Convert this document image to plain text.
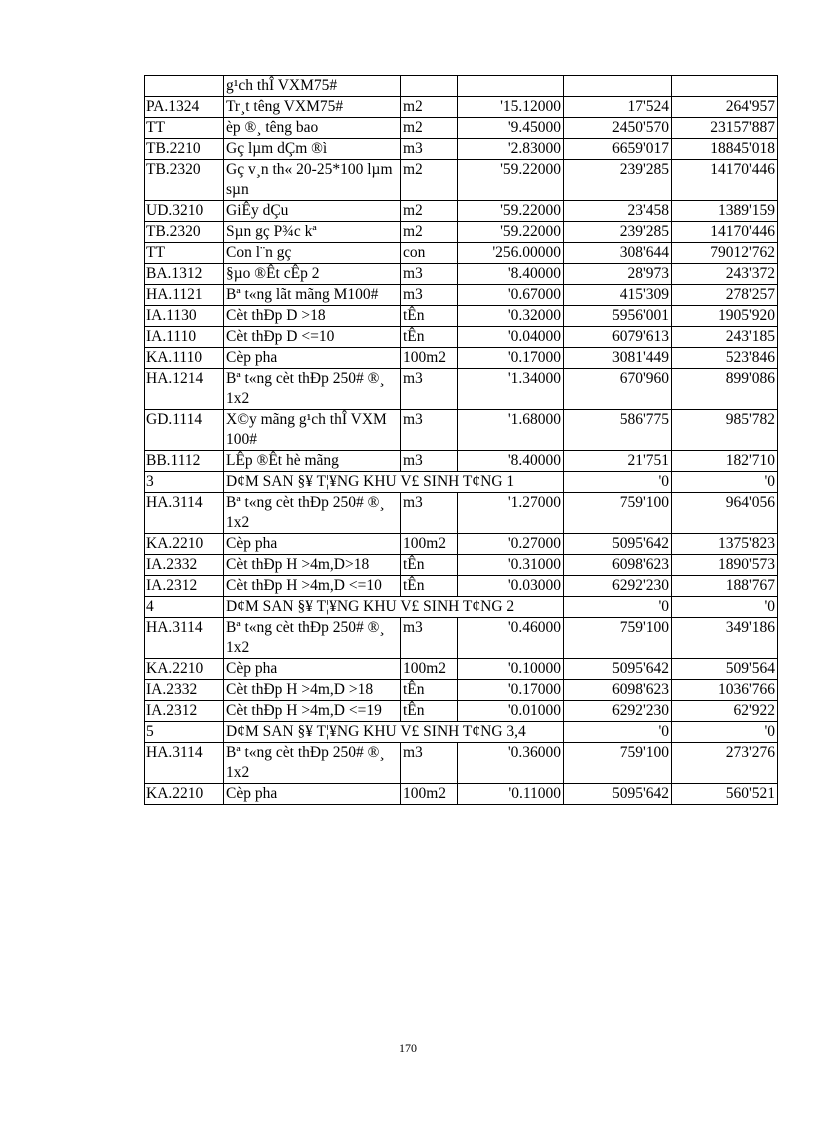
	g¹ch thÎ VXM75#				
PA.1324	Tr¸t têng VXM75#	m2	'15.12000	17'524	264'957
TT	èp ®¸ têng bao	m2	'9.45000	2450'570	23157'887
TB.2210	Gç lµm dÇm ®ì	m3	'2.83000	6659'017	18845'018
TB.2320	Gç v¸n th« 20-25*100 lµm sµn	m2	'59.22000	239'285	14170'446
UD.3210	GiÊy dÇu	m2	'59.22000	23'458	1389'159
TB.2320	Sµn gç P¾c kª	m2	'59.22000	239'285	14170'446
TT	Con l¨n gç	con	'256.00000	308'644	79012'762
BA.1312	§µo ®Êt cÊp 2	m3	'8.40000	28'973	243'372
HA.1121	Bª t«ng lãt mãng M100#	m3	'0.67000	415'309	278'257
IA.1130	Cèt thÐp D >18	tÊn	'0.32000	5956'001	1905'920
IA.1110	Cèt thÐp D <=10	tÊn	'0.04000	6079'613	243'185
KA.1110	Cèp pha	100m2	'0.17000	3081'449	523'846
HA.1214	Bª t«ng cèt thÐp 250# ®¸ 1x2	m3	'1.34000	670'960	899'086
GD.1114	X©y mãng g¹ch thÎ VXM 100#	m3	'1.68000	586'775	985'782
BB.1112	LÊp ®Êt hè mãng	m3	'8.40000	21'751	182'710
3	D¢M SAN §¥ T¦¥NG KHU V£ SINH T¢NG 1			'0	'0
HA.3114	Bª t«ng cèt thÐp 250# ®¸ 1x2	m3	'1.27000	759'100	964'056
KA.2210	Cèp pha	100m2	'0.27000	5095'642	1375'823
IA.2332	Cèt thÐp H >4m,D>18	tÊn	'0.31000	6098'623	1890'573
IA.2312	Cèt thÐp H >4m,D <=10	tÊn	'0.03000	6292'230	188'767
4	D¢M SAN §¥ T¦¥NG KHU V£ SINH T¢NG 2			'0	'0
HA.3114	Bª t«ng cèt thÐp 250# ®¸ 1x2	m3	'0.46000	759'100	349'186
KA.2210	Cèp pha	100m2	'0.10000	5095'642	509'564
IA.2332	Cèt thÐp H >4m,D >18	tÊn	'0.17000	6098'623	1036'766
IA.2312	Cèt thÐp H >4m,D <=19	tÊn	'0.01000	6292'230	62'922
5	D¢M SAN §¥ T¦¥NG KHU V£ SINH T¢NG 3,4			'0	'0
HA.3114	Bª t«ng cèt thÐp 250# ®¸ 1x2	m3	'0.36000	759'100	273'276
KA.2210	Cèp pha	100m2	'0.11000	5095'642	560'521
170
